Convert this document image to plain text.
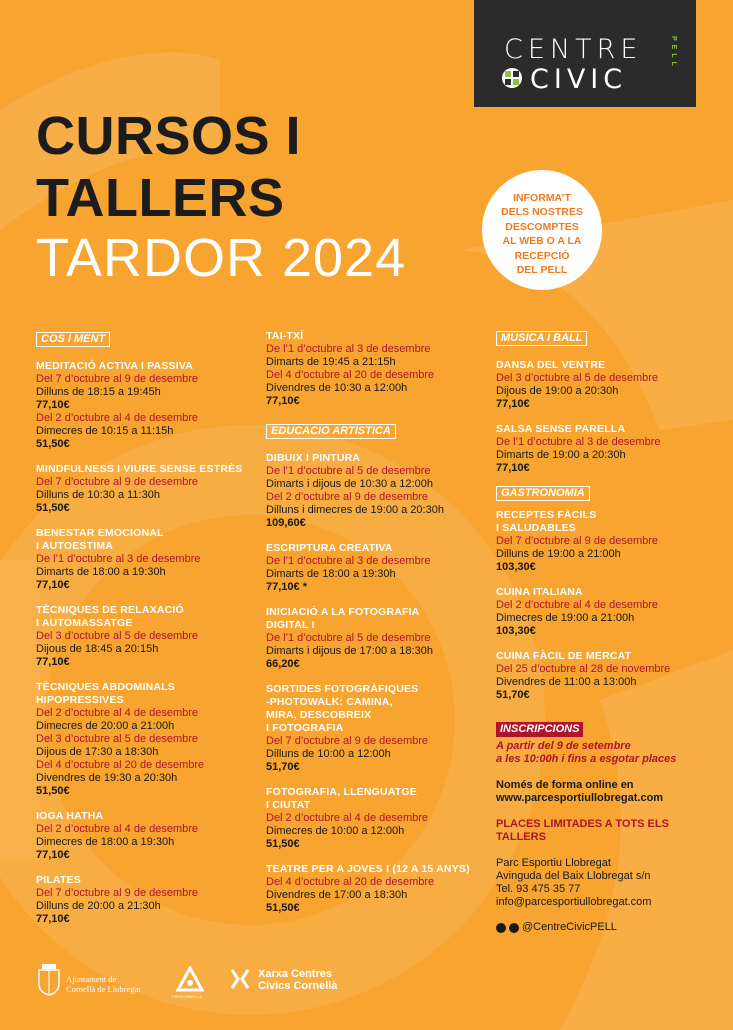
CENTRE
CIVIC
PELL
CURSOS I
TALLERS
TARDOR 2024
INFORMA’T
DELS NOSTRES
DESCOMPTES
AL WEB O A LA
RECEPCIÓ
DEL PELL
COS I MENT
MEDITACIÓ ACTIVA I PASSIVA
Del 7 d’octubre al 9 de desembre
Dilluns de 18:15 a 19:45h
77,10€
Del 2 d’octubre al 4 de desembre
Dimecres de 10:15 a 11:15h
51,50€
MINDFULNESS I VIURE SENSE ESTRÈS
Del 7 d’octubre al 9 de desembre
Dilluns de 10:30 a 11:30h
51,50€
BENESTAR EMOCIONAL
I AUTOESTIMA
De l’1 d’octubre al 3 de desembre
Dimarts de 18:00 a 19:30h
77,10€
TÈCNIQUES DE RELAXACIÓ
I AUTOMASSATGE
Del 3 d’octubre al 5 de desembre
Dijous de 18:45 a 20:15h
77,10€
TÈCNIQUES ABDOMINALS
HIPOPRESSIVES
Del 2 d’octubre al 4 de desembre
Dimecres de 20:00 a 21:00h
Del 3 d’octubre al 5 de desembre
Dijous de 17:30 a 18:30h
Del 4 d’octubre al 20 de desembre
Divendres de 19:30 a 20:30h
51,50€
IOGA HATHA
Del 2 d’octubre al 4 de desembre
Dimecres de 18:00 a 19:30h
77,10€
PILATES
Del 7 d’octubre al 9 de desembre
Dilluns de 20:00 a 21:30h
77,10€
TAI-TXÍ
De l’1 d’octubre al 3 de desembre
Dimarts de 19:45 a 21:15h
Del 4 d’octubre al 20 de desembre
Divendres de 10:30 a 12:00h
77,10€
EDUCACIÓ ARTÍSTICA
DIBUIX I PINTURA
De l’1 d’octubre al 5 de desembre
Dimarts i dijous de 10:30 a 12:00h
Del 2 d’octubre al 9 de desembre
Dilluns i dimecres de 19:00 a 20:30h
109,60€
ESCRIPTURA CREATIVA
De l’1 d’octubre al 3 de desembre
Dimarts de 18:00 a 19:30h
77,10€ *
INICIACIÓ A LA FOTOGRAFIA
DIGITAL I
De l’1 d’octubre al 5 de desembre
Dimarts i dijous de 17:00 a 18:30h
66,20€
SORTIDES FOTOGRÀFIQUES
-PHOTOWALK: CAMINA,
MIRA, DESCOBREIX
I FOTOGRAFIA
Del 7 d’octubre al 9 de desembre
Dilluns de 10:00 a 12:00h
51,70€
FOTOGRAFIA, LLENGUATGE
I CIUTAT
Del 2 d’octubre al 4 de desembre
Dimecres de 10:00 a 12:00h
51,50€
TEATRE PER A JOVES I (12 A 15 ANYS)
Del 4 d’octubre al 20 de desembre
Divendres de 17:00 a 18:30h
51,50€
MÚSICA I BALL
DANSA DEL VENTRE
Del 3 d’octubre al 5 de desembre
Dijous de 19:00 a 20:30h
77,10€
SALSA SENSE PARELLA
De l’1 d’octubre al 3 de desembre
Dimarts de 19:00 a 20:30h
77,10€
GASTRONOMIA
RECEPTES FÀCILS
I SALUDABLES
Del 7 d’octubre al 9 de desembre
Dilluns de 19:00 a 21:00h
103,30€
CUINA ITALIANA
Del 2 d’octubre al 4 de desembre
Dimecres de 19:00 a 21:00h
103,30€
CUINA FÀCIL DE MERCAT
Del 25 d’octubre al 28 de novembre
Divendres de 11:00 a 13:00h
51,70€
INSCRIPCIONS
A partir del 9 de setembre
a les 10:00h i fins a esgotar places
Només de forma online en
www.parcesportiullobregat.com
PLACES LIMITADES A TOTS ELS TALLERS
Parc Esportiu Llobregat
Avinguda del Baix Llobregat s/n
Tel. 93 475 35 77
info@parcesportiullobregat.com
@CentreCivicPELL
Ajuntament de
Cornellà de Llobregat
PROCORNELLÀ
Xarxa Centres
Cívics Cornellà
